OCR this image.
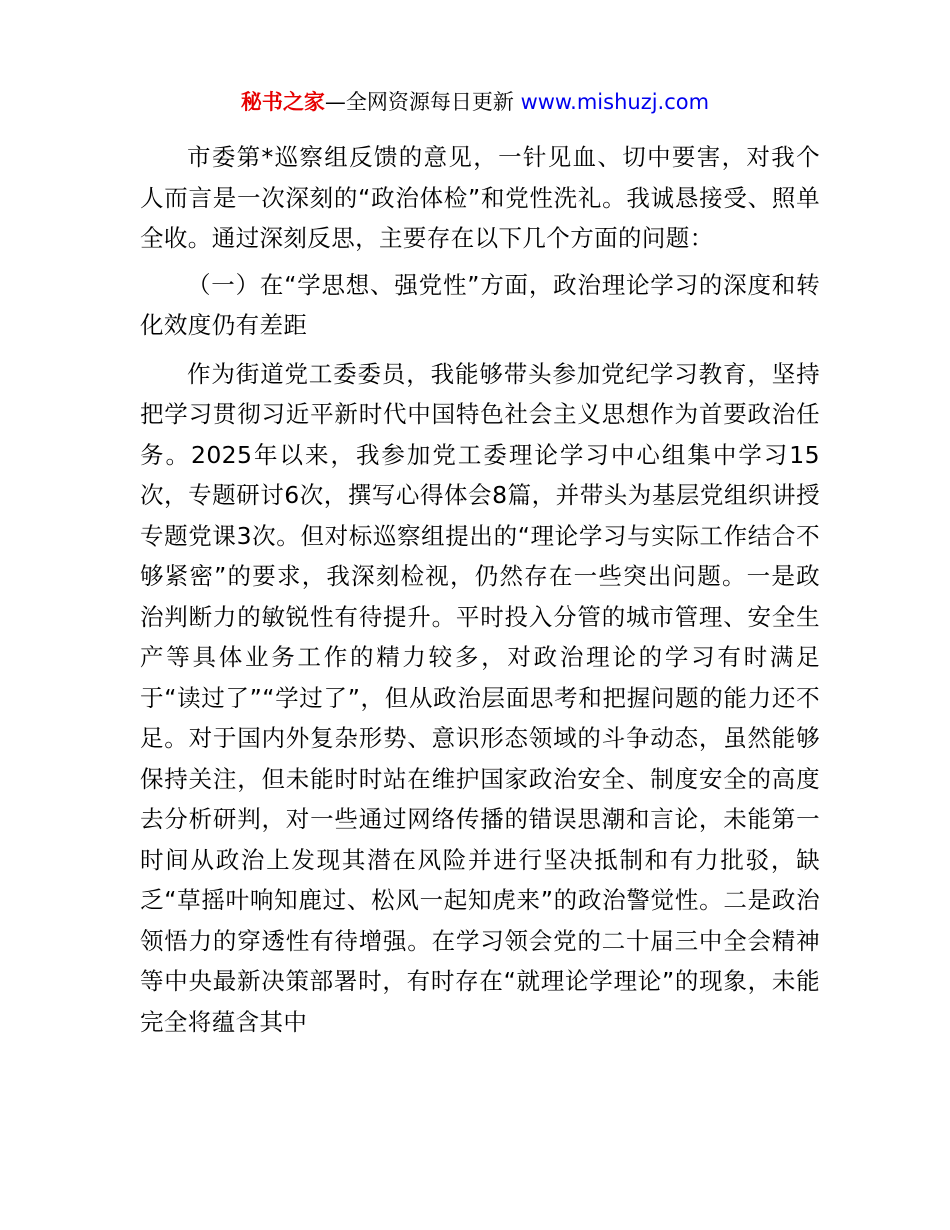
秘书之家—全网资源每日更新 www.mishuzj.com

市委第*巡察组反馈的意见，一针见血、切中要害，对我个人而言是一次深刻的“政治体检”和党性洗礼。我诚恳接受、照单全收。通过深刻反思，主要存在以下几个方面的问题：

（一）在“学思想、强党性”方面，政治理论学习的深度和转化效度仍有差距

作为街道党工委委员，我能够带头参加党纪学习教育，坚持把学习贯彻习近平新时代中国特色社会主义思想作为首要政治任务。2025年以来，我参加党工委理论学习中心组集中学习15次，专题研讨6次，撰写心得体会8篇，并带头为基层党组织讲授专题党课3次。但对标巡察组提出的“理论学习与实际工作结合不够紧密”的要求，我深刻检视，仍然存在一些突出问题。一是政治判断力的敏锐性有待提升。平时投入分管的城市管理、安全生产等具体业务工作的精力较多，对政治理论的学习有时满足于“读过了”“学过了”，但从政治层面思考和把握问题的能力还不足。对于国内外复杂形势、意识形态领域的斗争动态，虽然能够保持关注，但未能时时站在维护国家政治安全、制度安全的高度去分析研判，对一些通过网络传播的错误思潮和言论，未能第一时间从政治上发现其潜在风险并进行坚决抵制和有力批驳，缺乏“草摇叶响知鹿过、松风一起知虎来”的政治警觉性。二是政治领悟力的穿透性有待增强。在学习领会党的二十届三中全会精神等中央最新决策部署时，有时存在“就理论学理论”的现象，未能完全将蕴含其中
